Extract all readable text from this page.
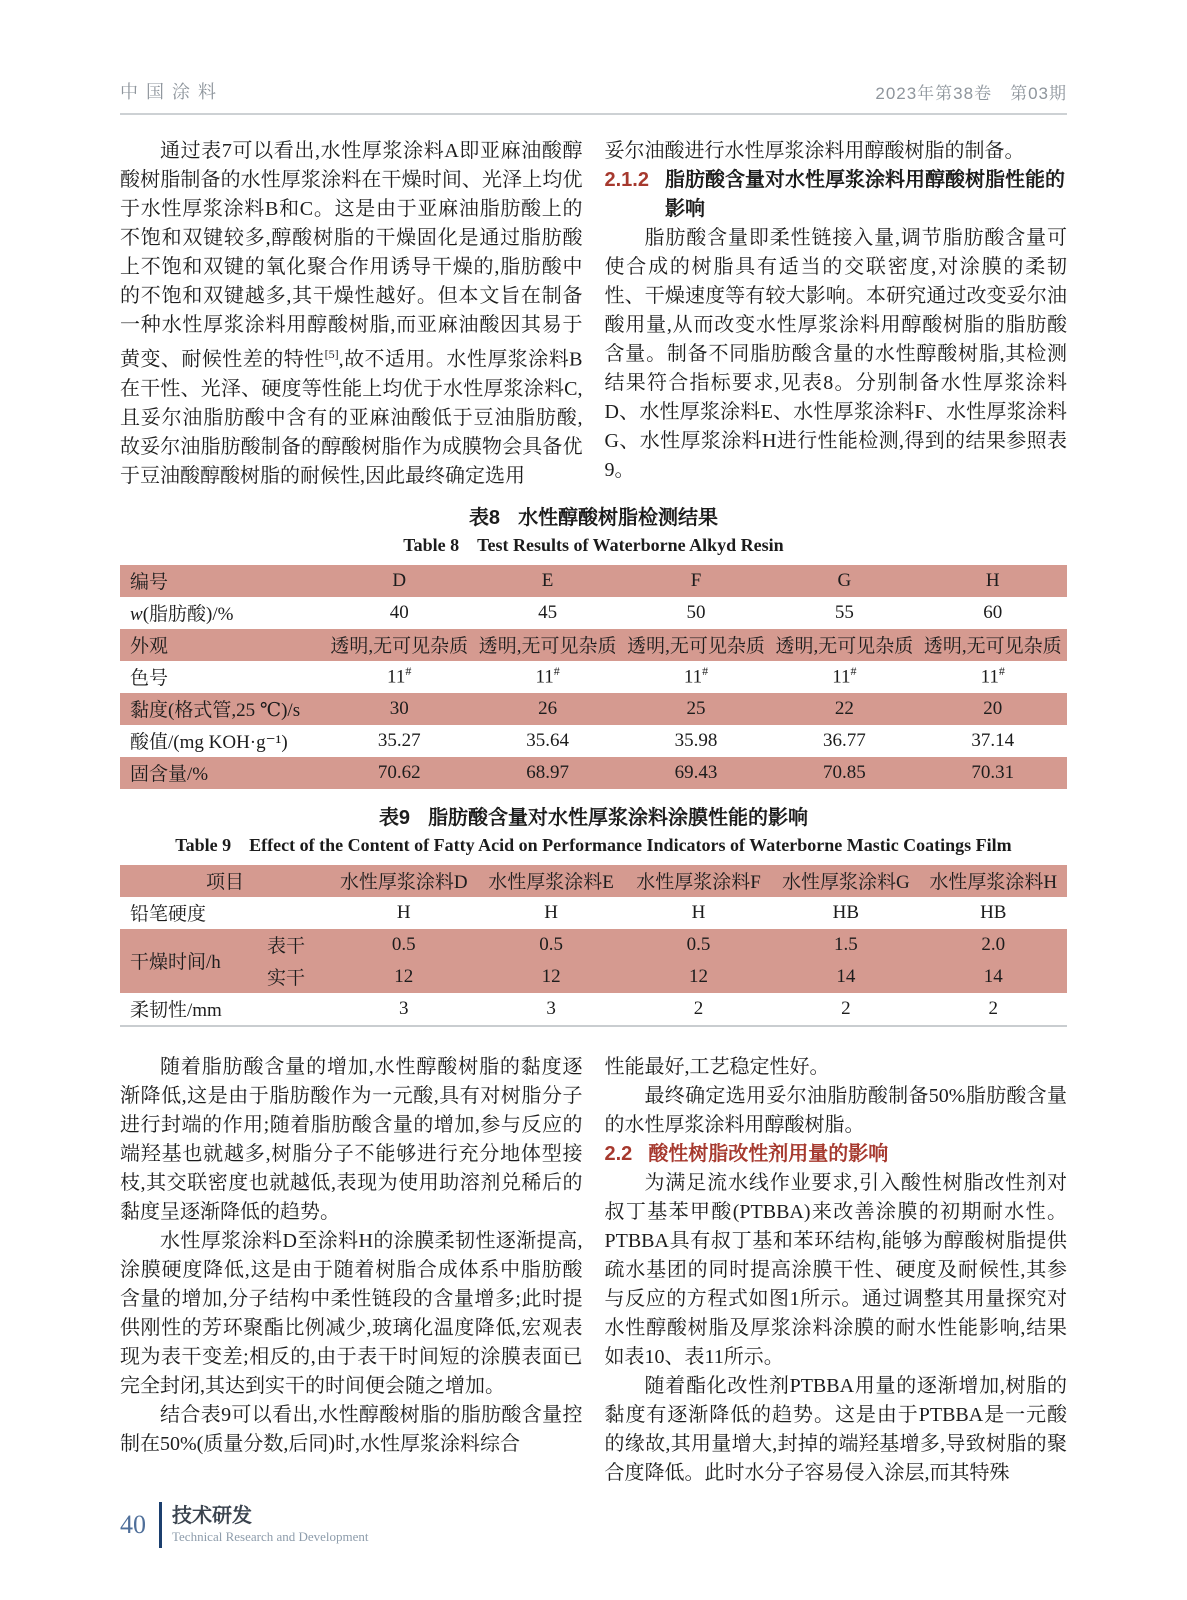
中国涂料	2023年第38卷　第03期

通过表7可以看出,水性厚浆涂料A即亚麻油酸醇酸树脂制备的水性厚浆涂料在干燥时间、光泽上均优于水性厚浆涂料B和C。这是由于亚麻油脂肪酸上的不饱和双键较多,醇酸树脂的干燥固化是通过脂肪酸上不饱和双键的氧化聚合作用诱导干燥的,脂肪酸中的不饱和双键越多,其干燥性越好。但本文旨在制备一种水性厚浆涂料用醇酸树脂,而亚麻油酸因其易于黄变、耐候性差的特性[5],故不适用。水性厚浆涂料B在干性、光泽、硬度等性能上均优于水性厚浆涂料C,且妥尔油脂肪酸中含有的亚麻油酸低于豆油脂肪酸,故妥尔油脂肪酸制备的醇酸树脂作为成膜物会具备优于豆油酸醇酸树脂的耐候性,因此最终确定选用

妥尔油酸进行水性厚浆涂料用醇酸树脂的制备。

2.1.2 脂肪酸含量对水性厚浆涂料用醇酸树脂性能的影响

脂肪酸含量即柔性链接入量,调节脂肪酸含量可使合成的树脂具有适当的交联密度,对涂膜的柔韧性、干燥速度等有较大影响。本研究通过改变妥尔油酸用量,从而改变水性厚浆涂料用醇酸树脂的脂肪酸含量。制备不同脂肪酸含量的水性醇酸树脂,其检测结果符合指标要求,见表8。分别制备水性厚浆涂料D、水性厚浆涂料E、水性厚浆涂料F、水性厚浆涂料G、水性厚浆涂料H进行性能检测,得到的结果参照表9。

表8 水性醇酸树脂检测结果
Table 8 Test Results of Waterborne Alkyd Resin
编号	D	E	F	G	H
w(脂肪酸)/%	40	45	50	55	60
外观	透明,无可见杂质	透明,无可见杂质	透明,无可见杂质	透明,无可见杂质	透明,无可见杂质
色号	11#	11#	11#	11#	11#
黏度(格式管,25 ℃)/s	30	26	25	22	20
酸值/(mg KOH·g⁻¹)	35.27	35.64	35.98	36.77	37.14
固含量/%	70.62	68.97	69.43	70.85	70.31
表9 脂肪酸含量对水性厚浆涂料涂膜性能的影响
Table 9 Effect of the Content of Fatty Acid on Performance Indicators of Waterborne Mastic Coatings Film
项目		水性厚浆涂料D	水性厚浆涂料E	水性厚浆涂料F	水性厚浆涂料G	水性厚浆涂料H
铅笔硬度		H	H	H	HB	HB
干燥时间/h	表干	0.5	0.5	0.5	1.5	2.0
	实干	12	12	12	14	14
柔韧性/mm		3	3	2	2	2

随着脂肪酸含量的增加,水性醇酸树脂的黏度逐渐降低,这是由于脂肪酸作为一元酸,具有对树脂分子进行封端的作用;随着脂肪酸含量的增加,参与反应的端羟基也就越多,树脂分子不能够进行充分地体型接枝,其交联密度也就越低,表现为使用助溶剂兑稀后的黏度呈逐渐降低的趋势。

水性厚浆涂料D至涂料H的涂膜柔韧性逐渐提高,涂膜硬度降低,这是由于随着树脂合成体系中脂肪酸含量的增加,分子结构中柔性链段的含量增多;此时提供刚性的芳环聚酯比例减少,玻璃化温度降低,宏观表现为表干变差;相反的,由于表干时间短的涂膜表面已完全封闭,其达到实干的时间便会随之增加。

结合表9可以看出,水性醇酸树脂的脂肪酸含量控制在50%(质量分数,后同)时,水性厚浆涂料综合

性能最好,工艺稳定性好。

最终确定选用妥尔油脂肪酸制备50%脂肪酸含量的水性厚浆涂料用醇酸树脂。

2.2 酸性树脂改性剂用量的影响

为满足流水线作业要求,引入酸性树脂改性剂对叔丁基苯甲酸(PTBBA)来改善涂膜的初期耐水性。PTBBA具有叔丁基和苯环结构,能够为醇酸树脂提供疏水基团的同时提高涂膜干性、硬度及耐候性,其参与反应的方程式如图1所示。通过调整其用量探究对水性醇酸树脂及厚浆涂料涂膜的耐水性能影响,结果如表10、表11所示。

随着酯化改性剂PTBBA用量的逐渐增加,树脂的黏度有逐渐降低的趋势。这是由于PTBBA是一元酸的缘故,其用量增大,封掉的端羟基增多,导致树脂的聚合度降低。此时水分子容易侵入涂层,而其特殊

40 技术研发
Technical Research and Development
